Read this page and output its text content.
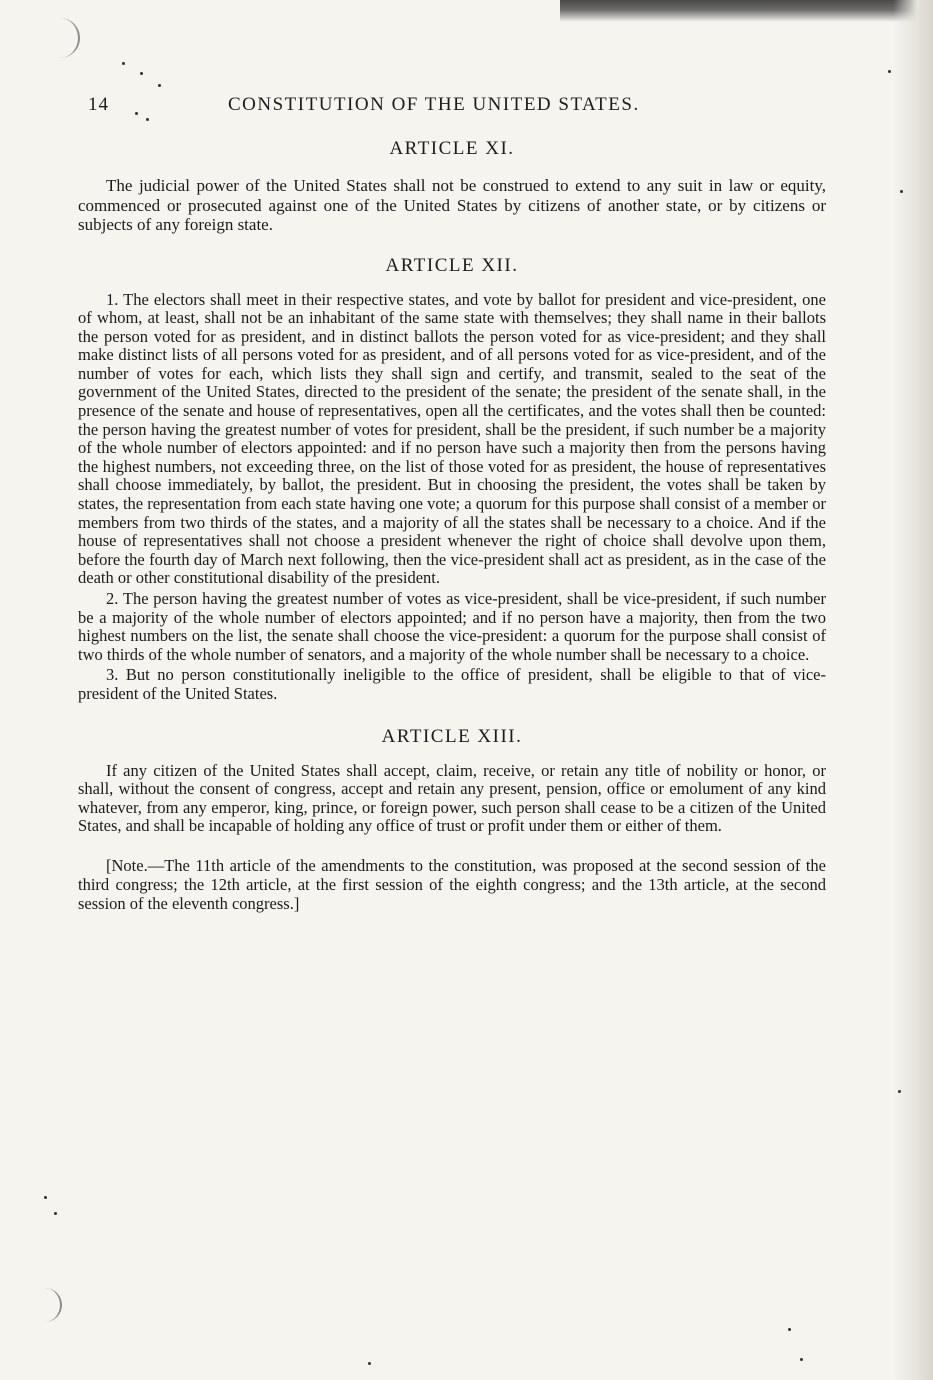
14	CONSTITUTION OF THE UNITED STATES.
ARTICLE XI.

The judicial power of the United States shall not be construed to extend to any suit in law or equity, commenced or prosecuted against one of the United States by citizens of another state, or by citizens or subjects of any foreign state.

ARTICLE XII.

1. The electors shall meet in their respective states, and vote by ballot for president and vice-president, one of whom, at least, shall not be an inhabitant of the same state with themselves; they shall name in their ballots the person voted for as president, and in distinct ballots the person voted for as vice-president; and they shall make distinct lists of all persons voted for as president, and of all persons voted for as vice-president, and of the number of votes for each, which lists they shall sign and certify, and transmit, sealed to the seat of the government of the United States, directed to the president of the senate; the president of the senate shall, in the presence of the senate and house of representatives, open all the certificates, and the votes shall then be counted: the person having the greatest number of votes for president, shall be the president, if such number be a majority of the whole number of electors appointed: and if no person have such a majority then from the persons having the highest numbers, not exceeding three, on the list of those voted for as president, the house of representatives shall choose immediately, by ballot, the president. But in choosing the president, the votes shall be taken by states, the representation from each state having one vote; a quorum for this purpose shall consist of a member or members from two thirds of the states, and a majority of all the states shall be necessary to a choice. And if the house of representatives shall not choose a president whenever the right of choice shall devolve upon them, before the fourth day of March next following, then the vice-president shall act as president, as in the case of the death or other constitutional disability of the president.

2. The person having the greatest number of votes as vice-president, shall be vice-president, if such number be a majority of the whole number of electors appointed; and if no person have a majority, then from the two highest numbers on the list, the senate shall choose the vice-president: a quorum for the purpose shall consist of two thirds of the whole number of senators, and a majority of the whole number shall be necessary to a choice.

3. But no person constitutionally ineligible to the office of president, shall be eligible to that of vice-president of the United States.

ARTICLE XIII.

If any citizen of the United States shall accept, claim, receive, or retain any title of nobility or honor, or shall, without the consent of congress, accept and retain any present, pension, office or emolument of any kind whatever, from any emperor, king, prince, or foreign power, such person shall cease to be a citizen of the United States, and shall be incapable of holding any office of trust or profit under them or either of them.

[Note.—The 11th article of the amendments to the constitution, was proposed at the second session of the third congress; the 12th article, at the first session of the eighth congress; and the 13th article, at the second session of the eleventh congress.]
